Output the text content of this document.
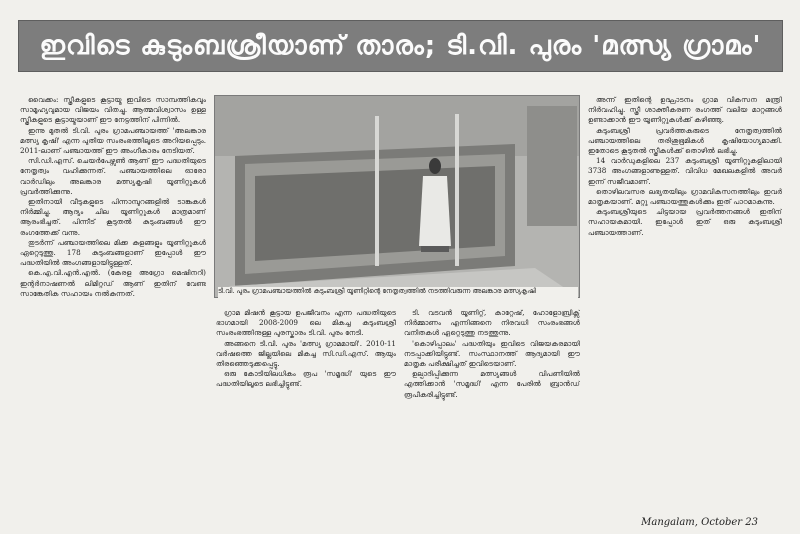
ഇവിടെ കുടുംബശ്രീയാണ് താരം; ടി.വി. പുരം 'മത്സ്യ ഗ്രാമം'

വൈക്കം: സ്ത്രീകളുടെ കൂട്ടായ്മ ഇവിടെ സാമ്പത്തികവും സാമൂഹ്യവുമായ വിജയം വിതച്ചു. ആത്മവിശ്വാസം ഉള്ള സ്ത്രീകളുടെ കൂട്ടായ്മയാണ് ഈ നേട്ടത്തിന് പിന്നിൽ.

ഇന്നു മുതൽ ടി.വി. പുരം ഗ്രാമപഞ്ചായത്ത് 'അലങ്കാര മത്സ്യ കൃഷി' എന്ന പുതിയ സംരംഭത്തിലൂടെ അറിയപ്പെടും. 2011-ലാണ് പഞ്ചായത്ത് ഈ അംഗീകാരം നേടിയത്.

സി.ഡി.എസ്. ചെയർപേഴ്സൺ ആണ് ഈ പദ്ധതിയുടെ നേതൃത്വം വഹിക്കുന്നത്. പഞ്ചായത്തിലെ ഓരോ വാർഡിലും അലങ്കാര മത്സ്യകൃഷി യൂണിറ്റുകൾ പ്രവർത്തിക്കുന്നു.

ഇതിനായി വീടുകളുടെ പിന്നാമ്പുറങ്ങളിൽ ടാങ്കുകൾ നിർമ്മിച്ചു. ആദ്യം ചില യൂണിറ്റുകൾ മാത്രമാണ് ആരംഭിച്ചത്. പിന്നീട് കൂടുതൽ കുടുംബങ്ങൾ ഈ രംഗത്തേക്ക് വന്നു.

തുടർന്ന് പഞ്ചായത്തിലെ മിക്ക കുളങ്ങളും യൂണിറ്റുകൾ ഏറ്റെടുത്തു. 178 കുടുംബങ്ങളാണ് ഇപ്പോൾ ഈ പദ്ധതിയിൽ അംഗങ്ങളായിട്ടുള്ളത്.

കെ.എ.വി.എൻ.എൽ. (കേരള അഗ്രോ മെഷിനറി) ഇന്റർനാഷണൽ ലിമിറ്റഡ് ആണ് ഇതിന് വേണ്ട സാങ്കേതിക സഹായം നൽകുന്നത്.	ടി.വി. പുരം ഗ്രാമപഞ്ചായത്തിൽ കുടുംബശ്രീ യൂണിറ്റിന്റെ നേതൃത്വത്തിൽ നടത്തിവരുന്ന അലങ്കാര മത്സ്യകൃഷി

ഗ്രാമ മിഷൻ കൂട്ടായ ഉപജീവനം എന്ന പദ്ധതിയുടെ ഭാഗമായി 2008-2009 ലെ മികച്ച കുടുംബശ്രീ സംരംഭത്തിനുള്ള പുരസ്കാരം ടി.വി. പുരം നേടി.

അങ്ങനെ ടി.വി. പുരം 'മത്സ്യ ഗ്രാമമായി'. 2010-11 വർഷത്തെ ജില്ലയിലെ മികച്ച സി.ഡി.എസ്. ആയും തിരഞ്ഞെടുക്കപ്പെട്ടു.

ഒരു കോടിയിലധികം രൂപ 'സമൃദ്ധി' യുടെ ഈ പദ്ധതിയിലൂടെ ലഭിച്ചിട്ടുണ്ട്.

ടി. വടവൻ യൂണിറ്റ്, കാറ്റേഷ്, ഹോളോബ്രിക്സ് നിർമ്മാണം എന്നിങ്ങനെ നിരവധി സംരംഭങ്ങൾ വനിതകൾ ഏറ്റെടുത്തു നടത്തുന്നു.

'കൊഴിപ്പാലം' പദ്ധതിയും ഇവിടെ വിജയകരമായി നടപ്പാക്കിയിട്ടുണ്ട്. സംസ്ഥാനത്ത് ആദ്യമായി ഈ മാതൃക പരീക്ഷിച്ചത് ഇവിടെയാണ്.

ഉല്പാദിപ്പിക്കുന്ന മത്സ്യങ്ങൾ വിപണിയിൽ എത്തിക്കാൻ 'സമൃദ്ധി' എന്ന പേരിൽ ബ്രാൻഡ് രൂപീകരിച്ചിട്ടുണ്ട്.

അന്ന് ഇതിന്റെ ഉദ്ഘാടനം ഗ്രാമ വികസന മന്ത്രി നിർവഹിച്ചു. സ്ത്രീ ശാക്തീകരണ രംഗത്ത് വലിയ മാറ്റങ്ങൾ ഉണ്ടാക്കാൻ ഈ യൂണിറ്റുകൾക്ക് കഴിഞ്ഞു.

കുടുംബശ്രീ പ്രവർത്തകരുടെ നേതൃത്വത്തിൽ പഞ്ചായത്തിലെ തരിശുഭൂമികൾ കൃഷിയോഗ്യമാക്കി. ഇതോടെ കൂടുതൽ സ്ത്രീകൾക്ക് തൊഴിൽ ലഭിച്ചു.

14 വാർഡുകളിലെ 237 കുടുംബശ്രീ യൂണിറ്റുകളിലായി 3738 അംഗങ്ങളാണുള്ളത്. വിവിധ മേഖലകളിൽ അവർ ഇന്ന് സജീവമാണ്.

തൊഴിലവസര ലഭ്യതയിലും ഗ്രാമവികസനത്തിലും ഇവർ മാതൃകയാണ്. മറ്റു പഞ്ചായത്തുകൾക്കും ഇത് പാഠമാകുന്നു.

കുടുംബശ്രീയുടെ ചിട്ടയായ പ്രവർത്തനങ്ങൾ ഇതിന് സഹായകമായി. ഇപ്പോൾ ഇത് ഒരു കുടുംബശ്രീ പഞ്ചായത്താണ്.

Mangalam, October 23
